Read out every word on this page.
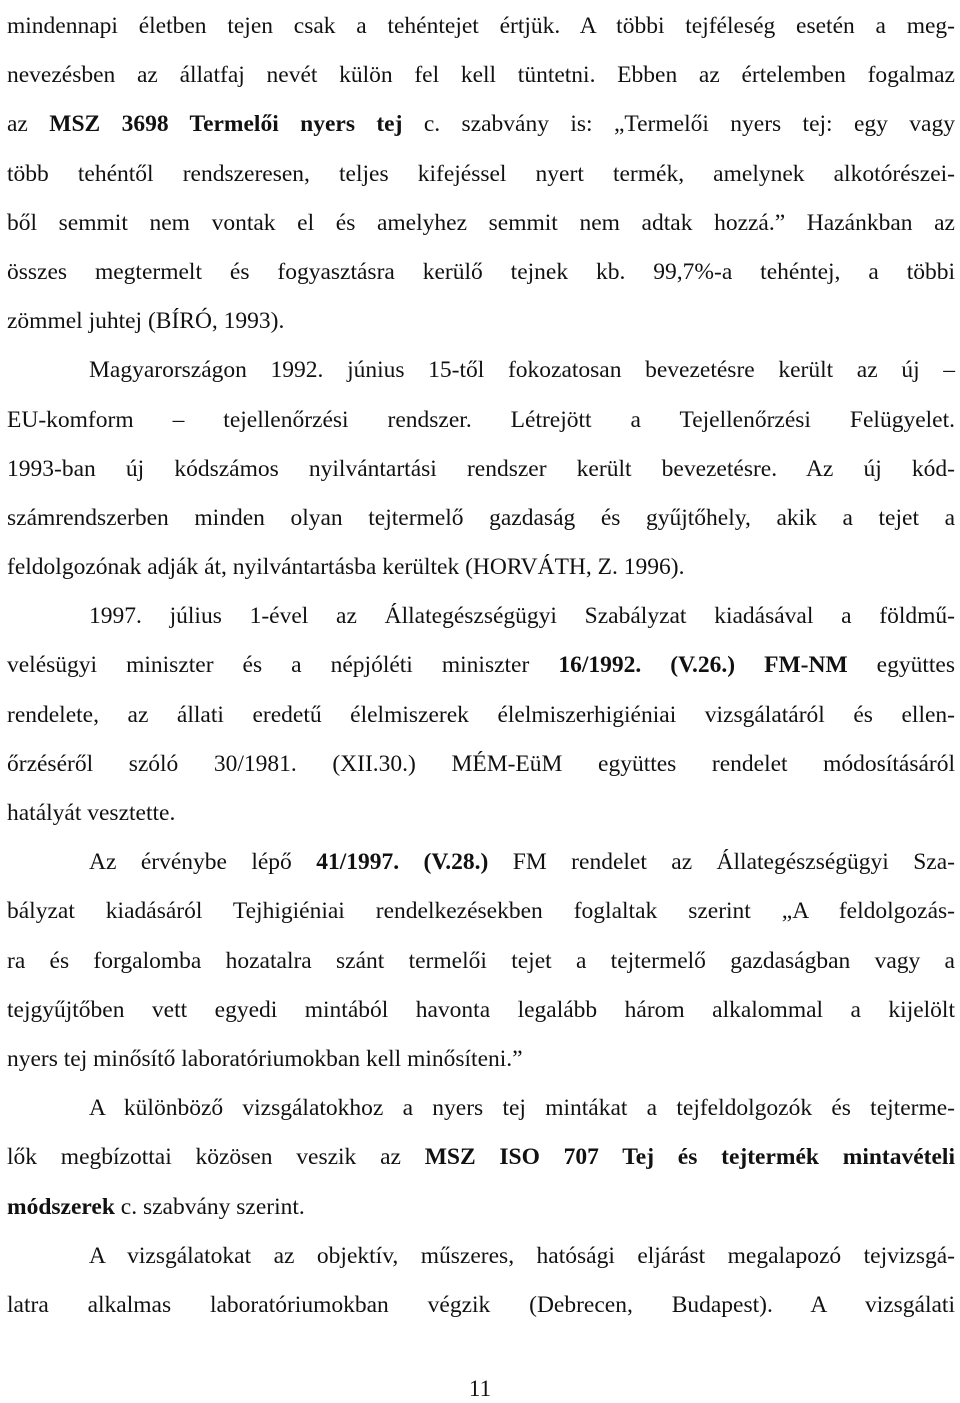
mindennapi életben tejen csak a tehéntejet értjük. A többi tejféleség esetén a meg-
nevezésben az állatfaj nevét külön fel kell tüntetni. Ebben az értelemben fogalmaz
az MSZ 3698 Termelői nyers tej c. szabvány is: „Termelői nyers tej: egy vagy
több tehéntől rendszeresen, teljes kifejéssel nyert termék, amelynek alkotórészei-
ből semmit nem vontak el és amelyhez semmit nem adtak hozzá.” Hazánkban az
összes megtermelt és fogyasztásra kerülő tejnek kb. 99,7%-a tehéntej, a többi
zömmel juhtej (BÍRÓ, 1993).
Magyarországon 1992. június 15-től fokozatosan bevezetésre került az új –
EU-komform – tejellenőrzési rendszer. Létrejött a Tejellenőrzési Felügyelet.
1993-ban új kódszámos nyilvántartási rendszer került bevezetésre. Az új kód-
számrendszerben minden olyan tejtermelő gazdaság és gyűjtőhely, akik a tejet a
feldolgozónak adják át, nyilvántartásba kerültek (HORVÁTH, Z. 1996).
1997. július 1-ével az Állategészségügyi Szabályzat kiadásával a földmű-
velésügyi miniszter és a népjóléti miniszter 16/1992. (V.26.) FM-NM együttes
rendelete, az állati eredetű élelmiszerek élelmiszerhigiéniai vizsgálatáról és ellen-
őrzéséről szóló 30/1981. (XII.30.) MÉM-EüM együttes rendelet módosításáról
hatályát vesztette.
Az érvénybe lépő 41/1997. (V.28.) FM rendelet az Állategészségügyi Sza-
bályzat kiadásáról Tejhigiéniai rendelkezésekben foglaltak szerint „A feldolgozás-
ra és forgalomba hozatalra szánt termelői tejet a tejtermelő gazdaságban vagy a
tejgyűjtőben vett egyedi mintából havonta legalább három alkalommal a kijelölt
nyers tej minősítő laboratóriumokban kell minősíteni.”
A különböző vizsgálatokhoz a nyers tej mintákat a tejfeldolgozók és tejterme-
lők megbízottai közösen veszik az MSZ ISO 707 Tej és tejtermék mintavételi
módszerek c. szabvány szerint.
A vizsgálatokat az objektív, műszeres, hatósági eljárást megalapozó tejvizsgá-
latra alkalmas laboratóriumokban végzik (Debrecen, Budapest). A vizsgálati
11
